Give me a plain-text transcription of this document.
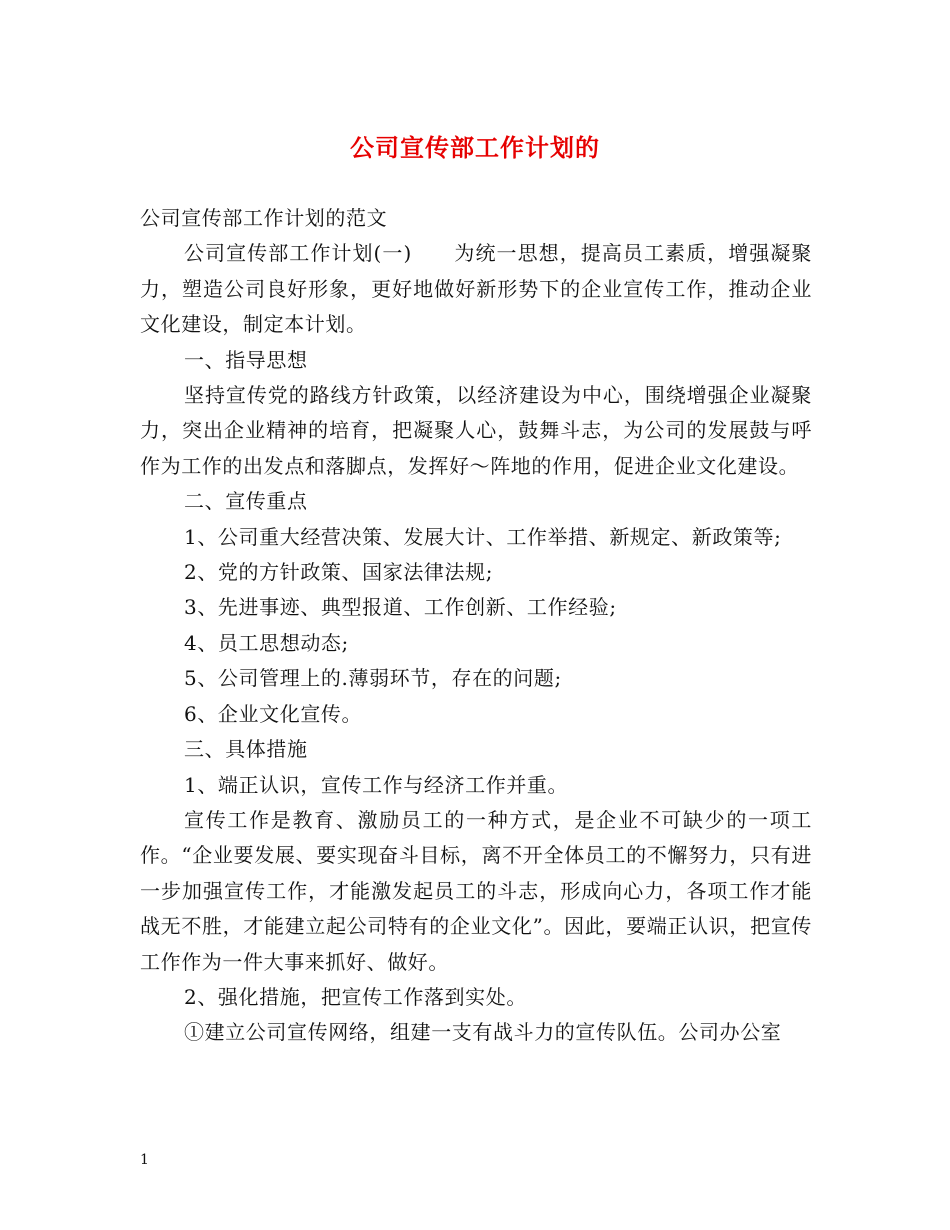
公司宣传部工作计划的

公司宣传部工作计划的范文

公司宣传部工作计划(一)　　为统一思想，提高员工素质，增强凝聚力，塑造公司良好形象，更好地做好新形势下的企业宣传工作，推动企业文化建设，制定本计划。

一、指导思想

坚持宣传党的路线方针政策，以经济建设为中心，围绕增强企业凝聚力，突出企业精神的培育，把凝聚人心，鼓舞斗志，为公司的发展鼓与呼作为工作的出发点和落脚点，发挥好～阵地的作用，促进企业文化建设。

二、宣传重点

1、公司重大经营决策、发展大计、工作举措、新规定、新政策等;

2、党的方针政策、国家法律法规;

3、先进事迹、典型报道、工作创新、工作经验;

4、员工思想动态;

5、公司管理上的.薄弱环节，存在的问题;

6、企业文化宣传。

三、具体措施

1、端正认识，宣传工作与经济工作并重。

宣传工作是教育、激励员工的一种方式，是企业不可缺少的一项工作。“企业要发展、要实现奋斗目标，离不开全体员工的不懈努力，只有进一步加强宣传工作，才能激发起员工的斗志，形成向心力，各项工作才能战无不胜，才能建立起公司特有的企业文化”。因此，要端正认识，把宣传工作作为一件大事来抓好、做好。

2、强化措施，把宣传工作落到实处。

①建立公司宣传网络，组建一支有战斗力的宣传队伍。公司办公室

1
